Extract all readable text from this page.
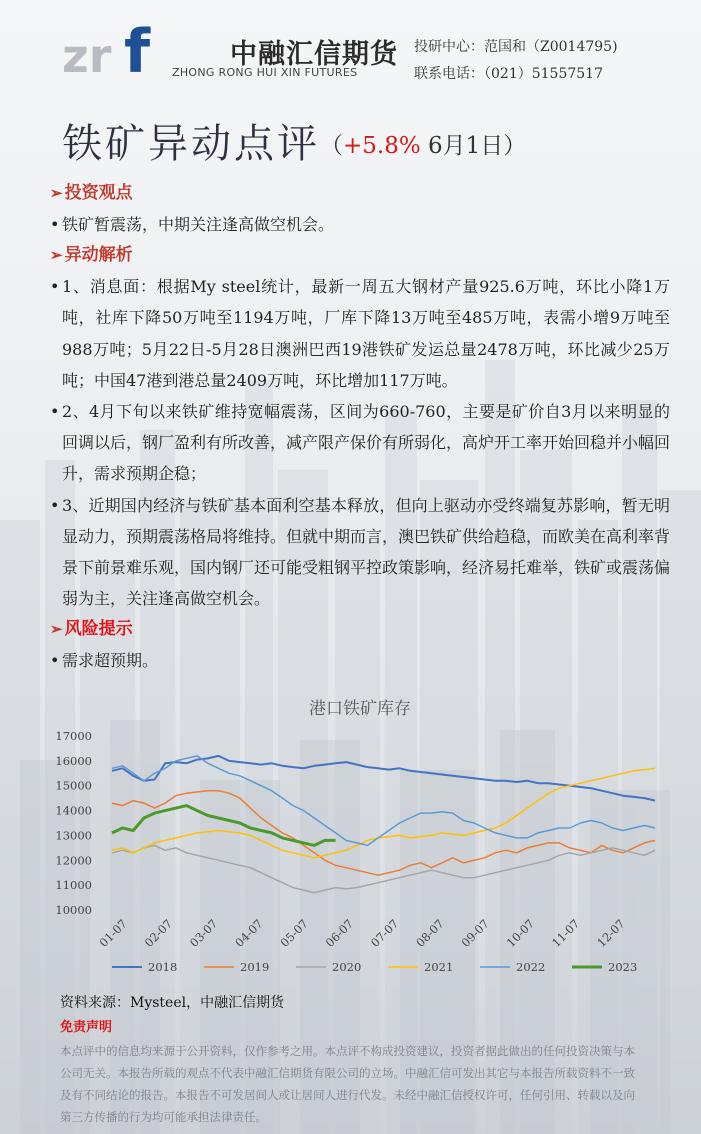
zr f	中融汇信期货
ZHONG RONG HUI XIN FUTURES
投研中心：范国和（Z0014795)
联系电话：（021）51557517
铁矿异动点评（+5.8% 6月1日）
➢ 投资观点
• 铁矿暂震荡，中期关注逢高做空机会。
➢ 异动解析
• 1、消息面：根据My steel统计，最新一周五大钢材产量925.6万吨，环比小降1万吨，社库下降50万吨至1194万吨，厂库下降13万吨至485万吨，表需小增9万吨至988万吨；5月22日-5月28日澳洲巴西19港铁矿发运总量2478万吨，环比减少25万吨；中国47港到港总量2409万吨，环比增加117万吨。
• 2、4月下旬以来铁矿维持宽幅震荡，区间为660-760，主要是矿价自3月以来明显的回调以后，钢厂盈利有所改善，减产限产保价有所弱化，高炉开工率开始回稳并小幅回升，需求预期企稳；
• 3、近期国内经济与铁矿基本面利空基本释放，但向上驱动亦受终端复苏影响，暂无明显动力，预期震荡格局将维持。但就中期而言，澳巴铁矿供给趋稳，而欧美在高利率背景下前景难乐观，国内钢厂还可能受粗钢平控政策影响，经济易托难举，铁矿或震荡偏弱为主，关注逢高做空机会。
➢ 风险提示
• 需求超预期。
港口铁矿库存
10000
11000
12000
13000
14000
15000
16000
17000
01-07 02-07 03-07 04-07 05-07 06-07 07-07 08-07 09-07 10-07 11-07 12-07
2018	2019	2020	2021	2022	2023
资料来源：Mysteel，中融汇信期货
免责声明
本点评中的信息均来源于公开资料，仅作参考之用。本点评不构成投资建议，投资者据此做出的任何投资决策与本公司无关。本报告所载的观点不代表中融汇信期货有限公司的立场。中融汇信可发出其它与本报告所载资料不一致及有不同结论的报告。本报告不可发居间人或让居间人进行代发。未经中融汇信授权许可，任何引用、转载以及向第三方传播的行为均可能承担法律责任。
